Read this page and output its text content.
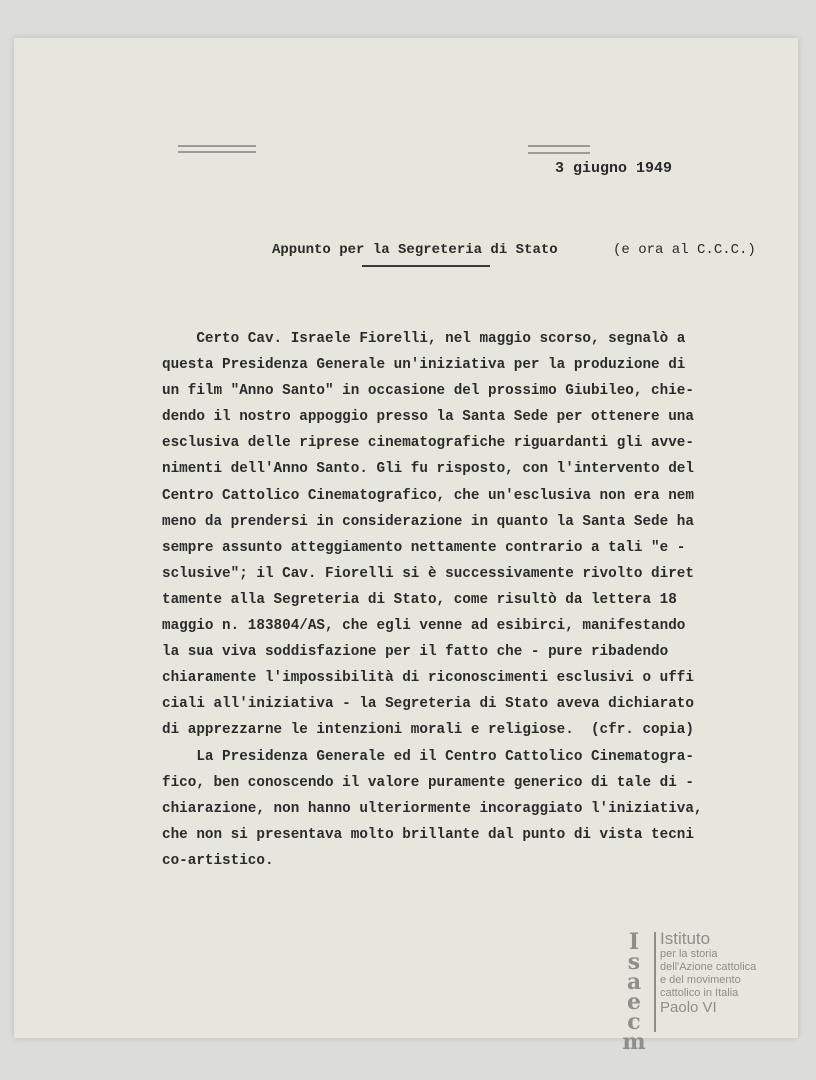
3 giugno 1949
Appunto per la Segreteria di Stato	(e ora al C.C.C.)
Certo Cav. Israele Fiorelli, nel maggio scorso, segnalò a
questa Presidenza Generale un'iniziativa per la produzione di
un film "Anno Santo" in occasione del prossimo Giubileo, chie-
dendo il nostro appoggio presso la Santa Sede per ottenere una
esclusiva delle riprese cinematografiche riguardanti gli avve-
nimenti dell'Anno Santo. Gli fu risposto, con l'intervento del
Centro Cattolico Cinematografico, che un'esclusiva non era nem
meno da prendersi in considerazione in quanto la Santa Sede ha
sempre assunto atteggiamento nettamente contrario a tali "e -
sclusive"; il Cav. Fiorelli si è successivamente rivolto diret
tamente alla Segreteria di Stato, come risultò da lettera 18
maggio n. 183804/AS, che egli venne ad esibirci, manifestando
la sua viva soddisfazione per il fatto che - pure ribadendo
chiaramente l'impossibilità di riconoscimenti esclusivi o uffi
ciali all'iniziativa - la Segreteria di Stato aveva dichiarato
di apprezzarne le intenzioni morali e religiose.  (cfr. copia)
La Presidenza Generale ed il Centro Cattolico Cinematogra-
fico, ben conoscendo il valore puramente generico di tale di -
chiarazione, non hanno ulteriormente incoraggiato l'iniziativa,
che non si presentava molto brillante dal punto di vista tecni
co-artistico.
I
s
a
e
c
m
Istituto
per la storia
dell'Azione cattolica
e del movimento
cattolico in Italia
Paolo VI
